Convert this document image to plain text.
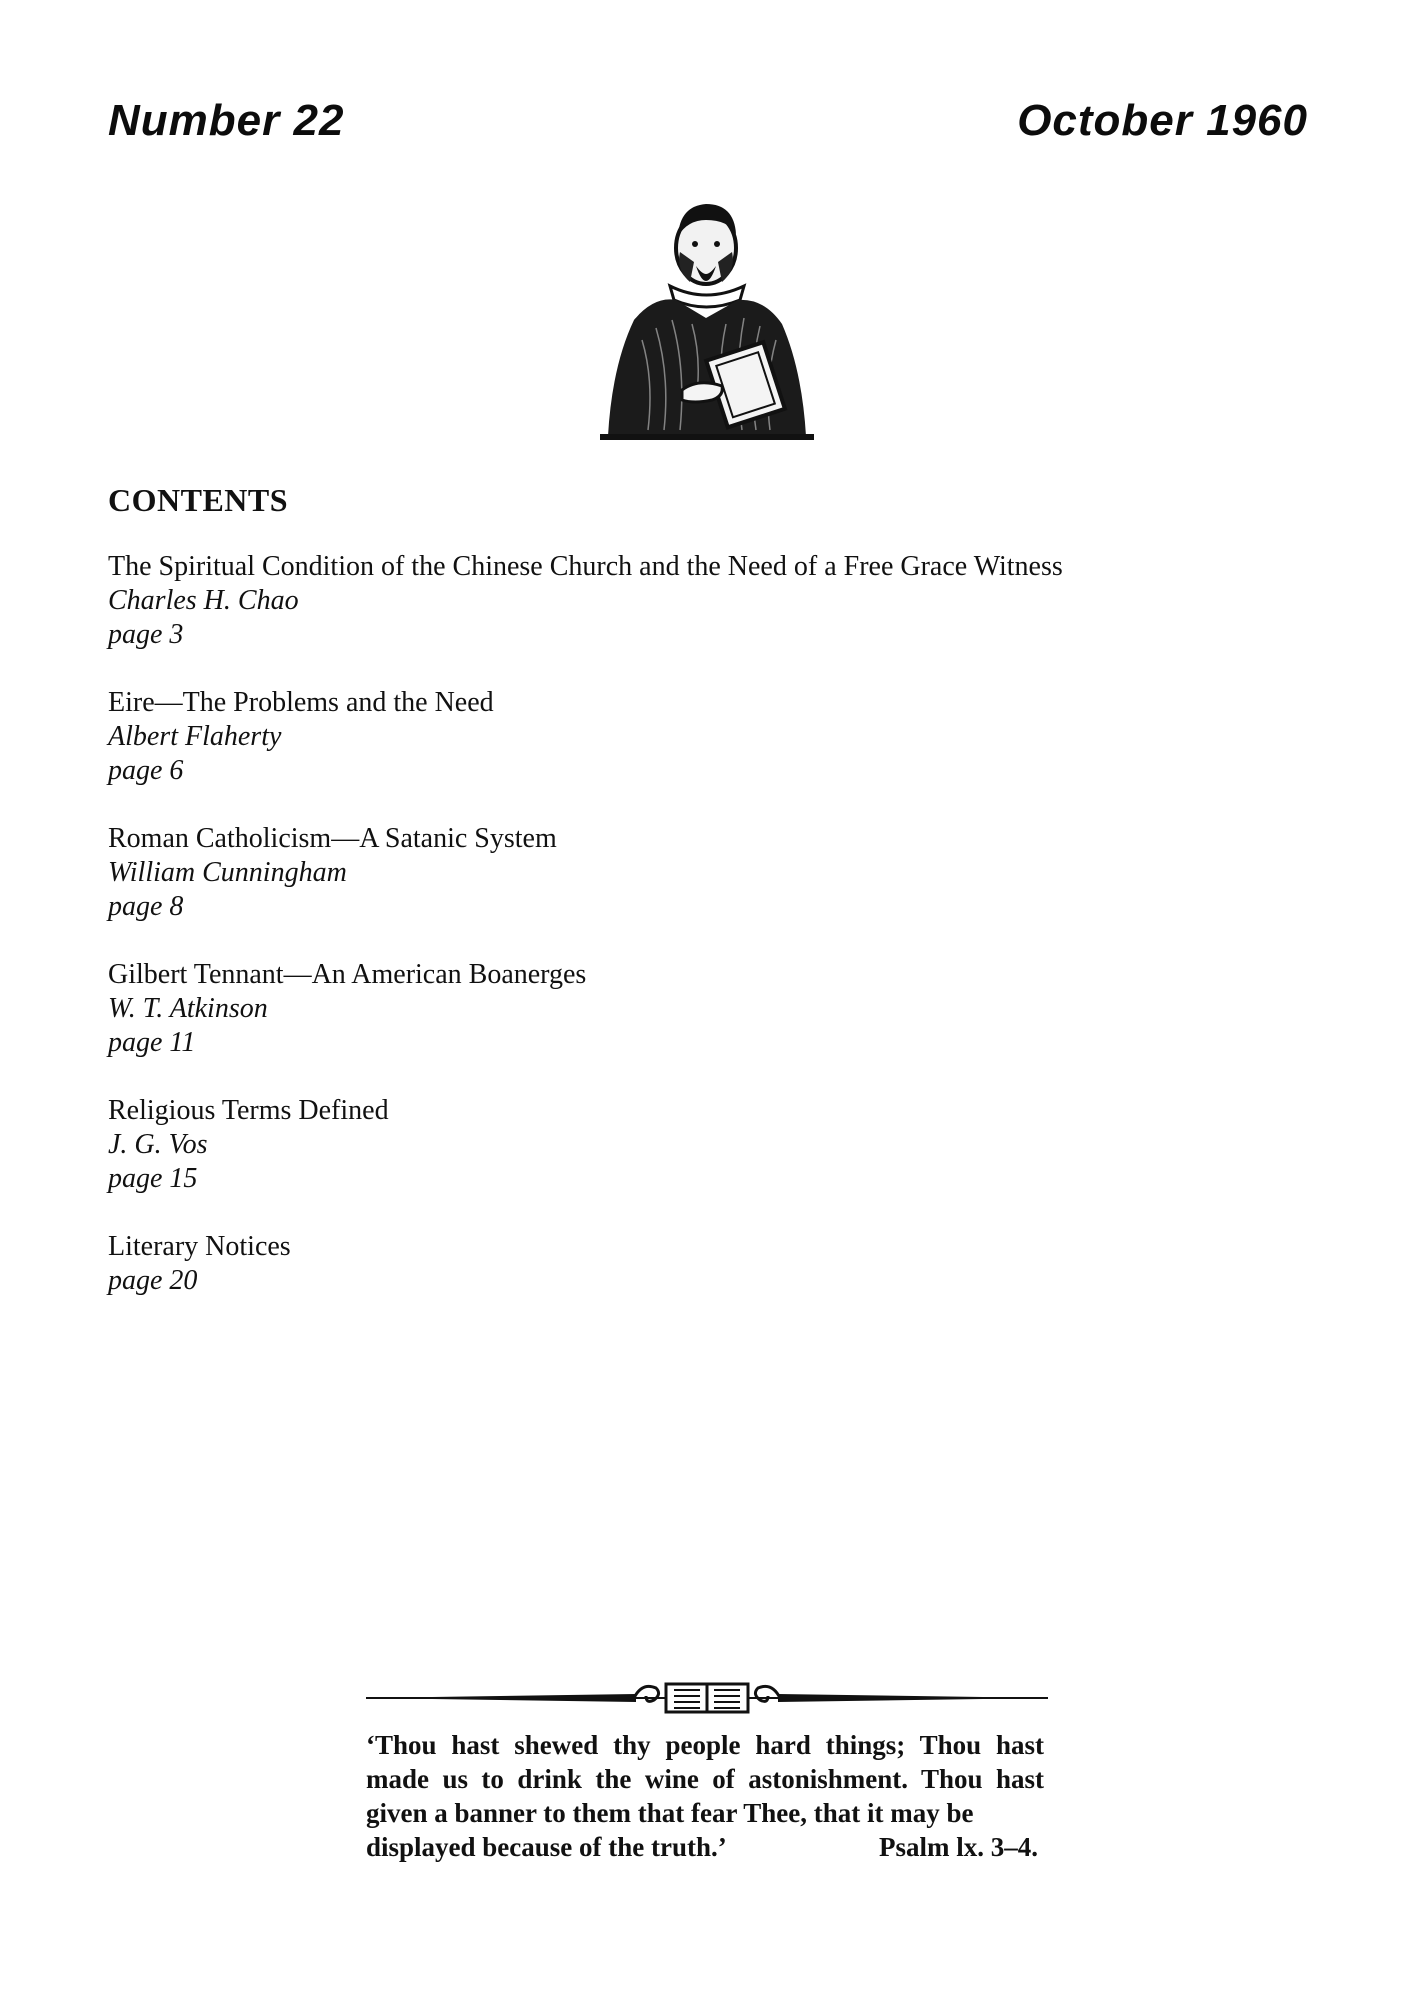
Number 22	October 1960
CONTENTS
The Spiritual Condition of the Chinese Church and the Need of a Free Grace Witness
Charles H. Chao
page 3
Eire—The Problems and the Need
Albert Flaherty
page 6
Roman Catholicism—A Satanic System
William Cunningham
page 8
Gilbert Tennant—An American Boanerges
W. T. Atkinson
page 11
Religious Terms Defined
J. G. Vos
page 15
Literary Notices
page 20
‘Thou hast shewed thy people hard things; Thou hast made us to drink the wine of astonishment. Thou hast given a banner to them that fear Thee, that it may be
displayed because of the truth.’	Psalm lx. 3–4.
